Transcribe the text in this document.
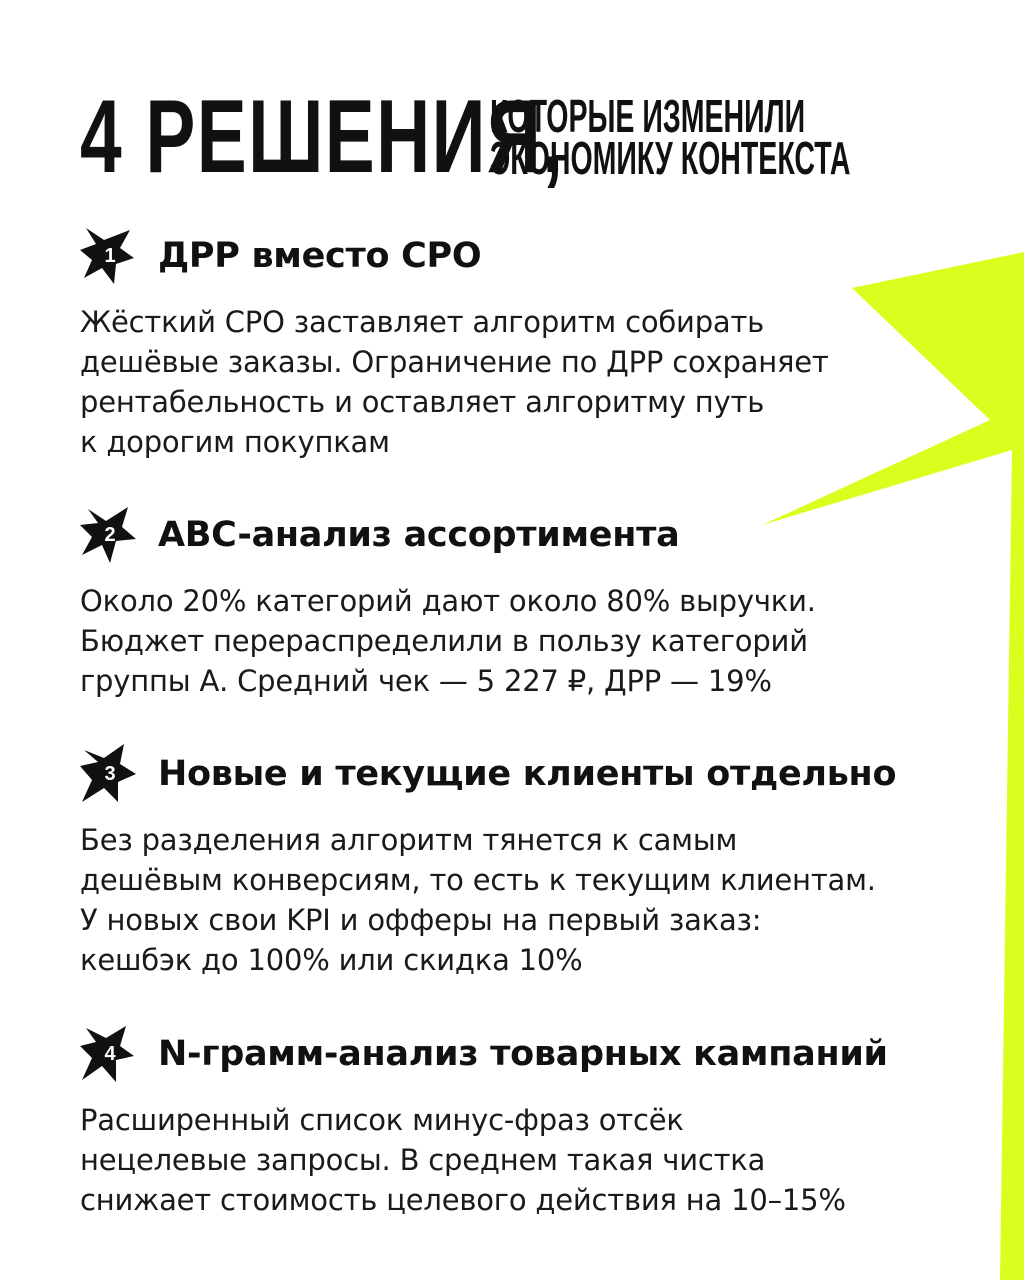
4 РЕШЕНИЯ,
КОТОРЫЕ ИЗМЕНИЛИ
ЭКОНОМИКУ КОНТЕКСТА
1	ДРР вместо CPO
Жёсткий CPO заставляет алгоритм собирать
дешёвые заказы. Ограничение по ДРР сохраняет
рентабельность и оставляет алгоритму путь
к дорогим покупкам
2	ABC-анализ ассортимента
Около 20% категорий дают около 80% выручки.
Бюджет перераспределили в пользу категорий
группы А. Средний чек — 5 227 ₽, ДРР — 19%
3	Новые и текущие клиенты отдельно
Без разделения алгоритм тянется к самым
дешёвым конверсиям, то есть к текущим клиентам.
У новых свои KPI и офферы на первый заказ:
кешбэк до 100% или скидка 10%
4	N-грамм-анализ товарных кампаний
Расширенный список минус-фраз отсёк
нецелевые запросы. В среднем такая чистка
снижает стоимость целевого действия на 10–15%
